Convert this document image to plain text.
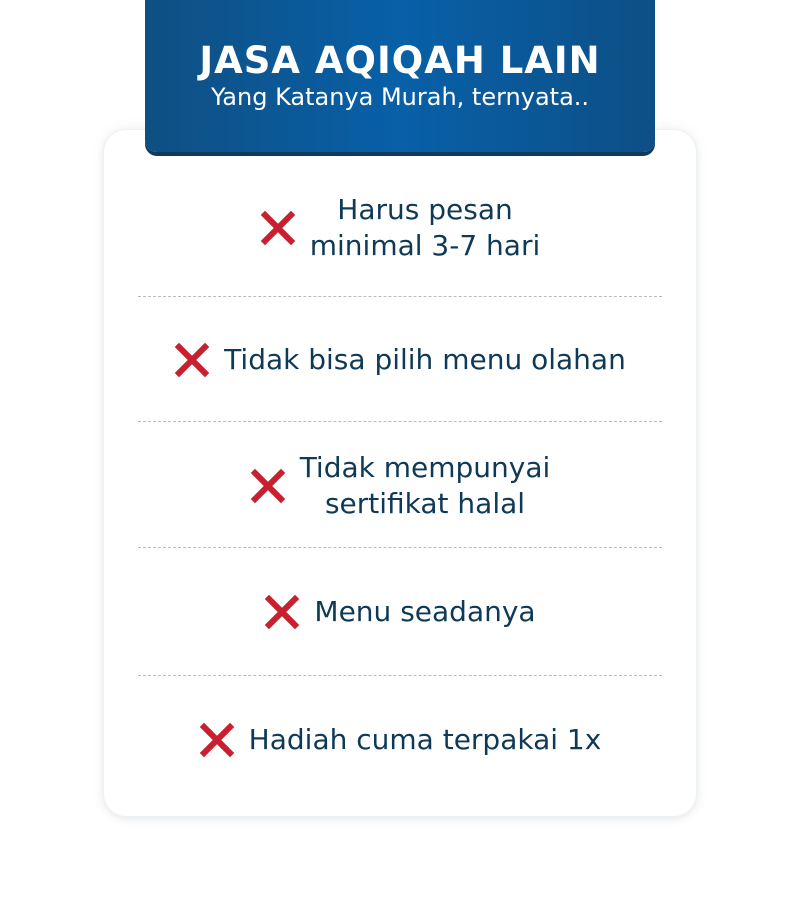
JASA AQIQAH LAIN
Yang Katanya Murah, ternyata..
Harus pesan
minimal 3-7 hari
Tidak bisa pilih menu olahan
Tidak mempunyai
sertifikat halal
Menu seadanya
Hadiah cuma terpakai 1x
